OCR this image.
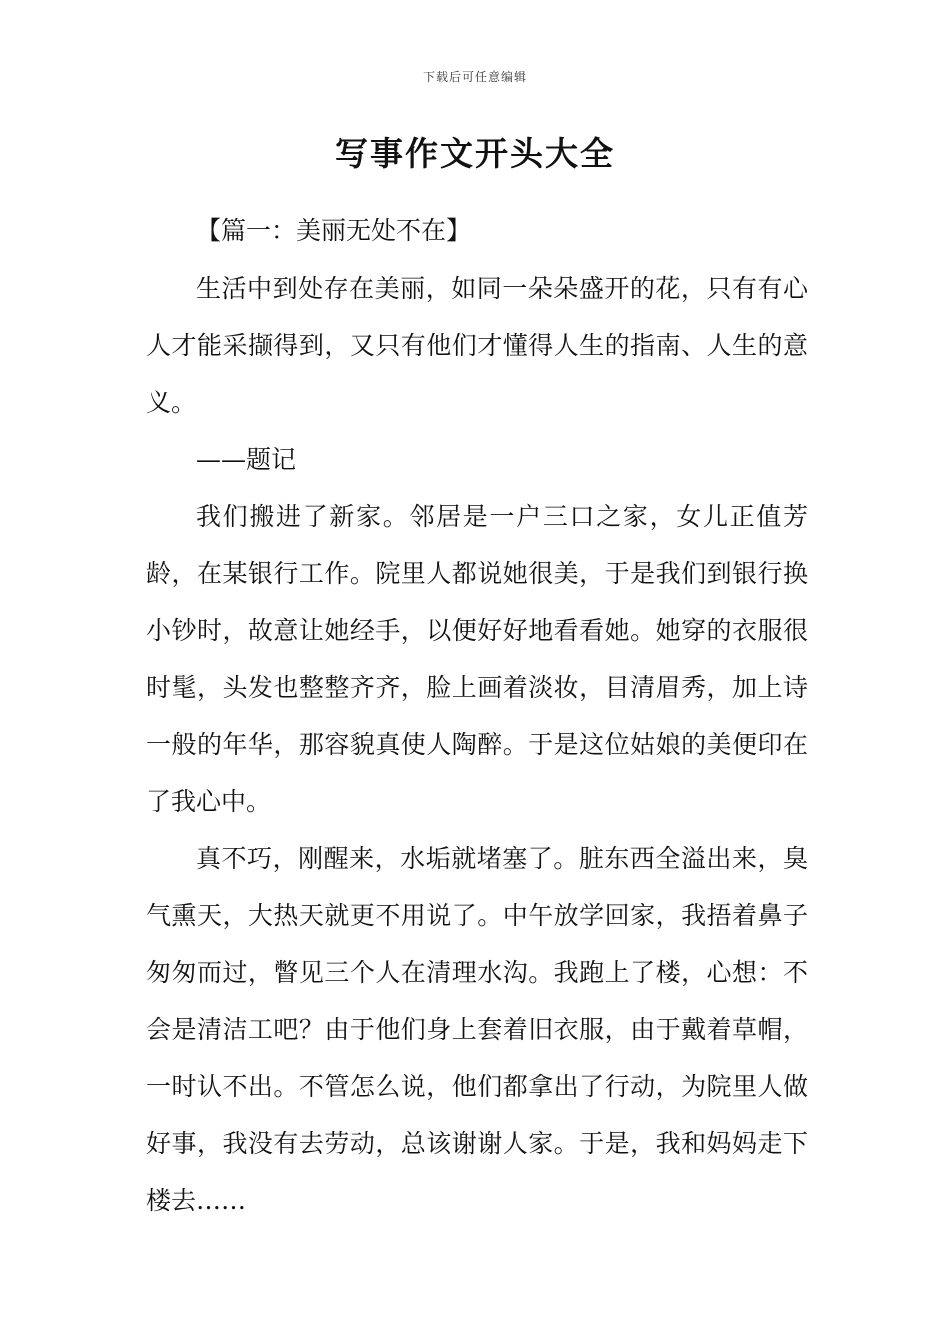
下载后可任意编辑
写事作文开头大全

【篇一：美丽无处不在】

生活中到处存在美丽，如同一朵朵盛开的花，只有有心人才能采撷得到，又只有他们才懂得人生的指南、人生的意义。

——题记

我们搬进了新家。邻居是一户三口之家，女儿正值芳龄，在某银行工作。院里人都说她很美，于是我们到银行换小钞时，故意让她经手，以便好好地看看她。她穿的衣服很时髦，头发也整整齐齐，脸上画着淡妆，目清眉秀，加上诗一般的年华，那容貌真使人陶醉。于是这位姑娘的美便印在了我心中。

真不巧，刚醒来，水垢就堵塞了。脏东西全溢出来，臭气熏天，大热天就更不用说了。中午放学回家，我捂着鼻子匆匆而过，瞥见三个人在清理水沟。我跑上了楼，心想：不会是清洁工吧？由于他们身上套着旧衣服，由于戴着草帽，一时认不出。不管怎么说，他们都拿出了行动，为院里人做好事，我没有去劳动，总该谢谢人家。于是，我和妈妈走下楼去……
